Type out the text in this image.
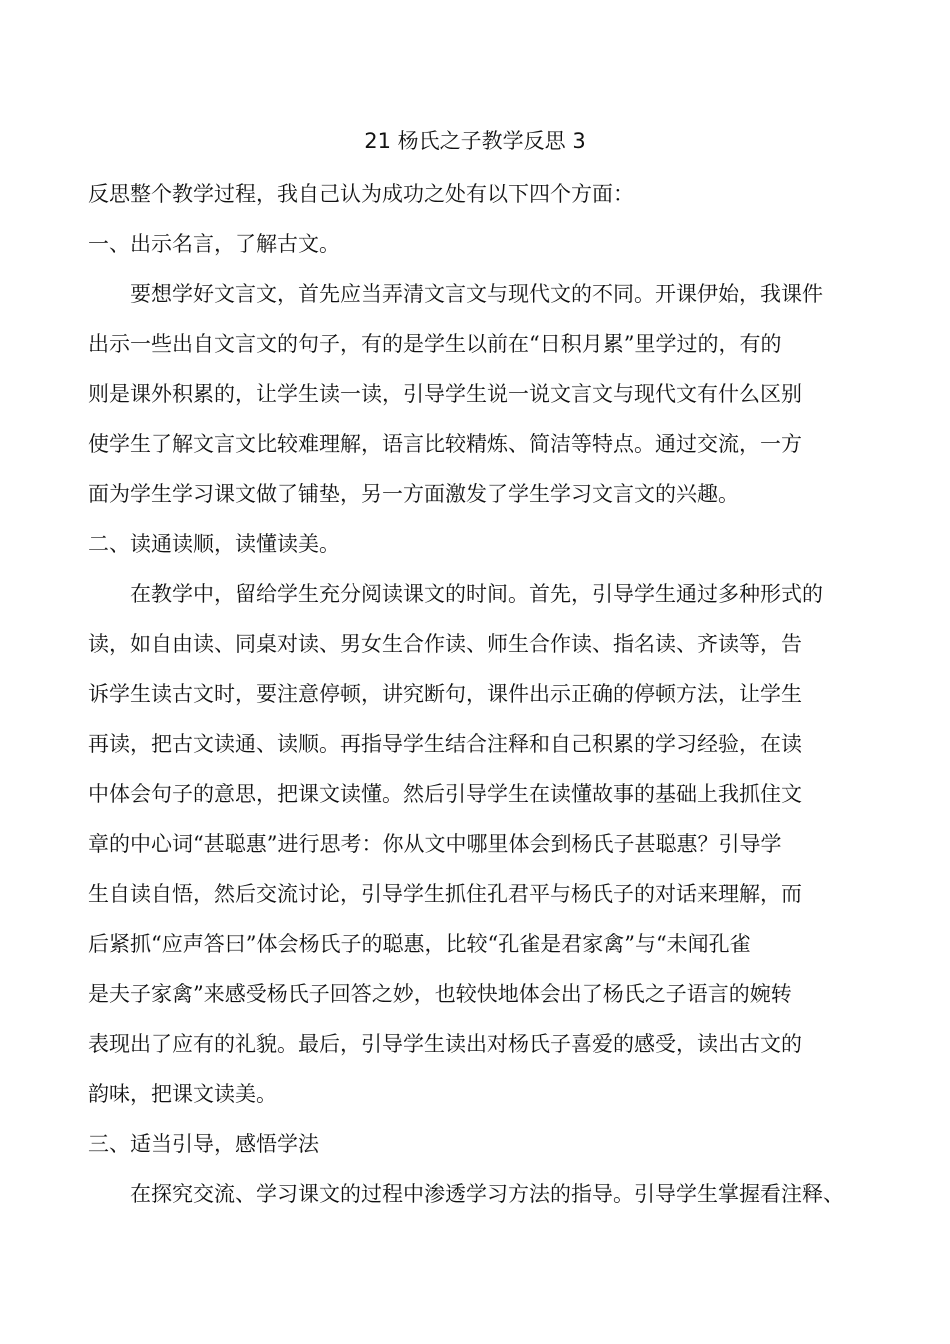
21 杨氏之子教学反思 3
反思整个教学过程，我自己认为成功之处有以下四个方面：
一、出示名言，了解古文。
要想学好文言文，首先应当弄清文言文与现代文的不同。开课伊始，我课件
出示一些出自文言文的句子，有的是学生以前在“日积月累”里学过的，有的
则是课外积累的，让学生读一读，引导学生说一说文言文与现代文有什么区别
使学生了解文言文比较难理解，语言比较精炼、简洁等特点。通过交流，一方
面为学生学习课文做了铺垫，另一方面激发了学生学习文言文的兴趣。
二、读通读顺，读懂读美。
在教学中，留给学生充分阅读课文的时间。首先，引导学生通过多种形式的
读，如自由读、同桌对读、男女生合作读、师生合作读、指名读、齐读等，告
诉学生读古文时，要注意停顿，讲究断句，课件出示正确的停顿方法，让学生
再读，把古文读通、读顺。再指导学生结合注释和自己积累的学习经验，在读
中体会句子的意思，把课文读懂。然后引导学生在读懂故事的基础上我抓住文
章的中心词“甚聪惠”进行思考：你从文中哪里体会到杨氏子甚聪惠？引导学
生自读自悟，然后交流讨论，引导学生抓住孔君平与杨氏子的对话来理解，而
后紧抓“应声答曰”体会杨氏子的聪惠，比较“孔雀是君家禽”与“未闻孔雀
是夫子家禽”来感受杨氏子回答之妙，也较快地体会出了杨氏之子语言的婉转
表现出了应有的礼貌。最后，引导学生读出对杨氏子喜爱的感受，读出古文的
韵味，把课文读美。
三、适当引导，感悟学法
在探究交流、学习课文的过程中渗透学习方法的指导。引导学生掌握看注释、
